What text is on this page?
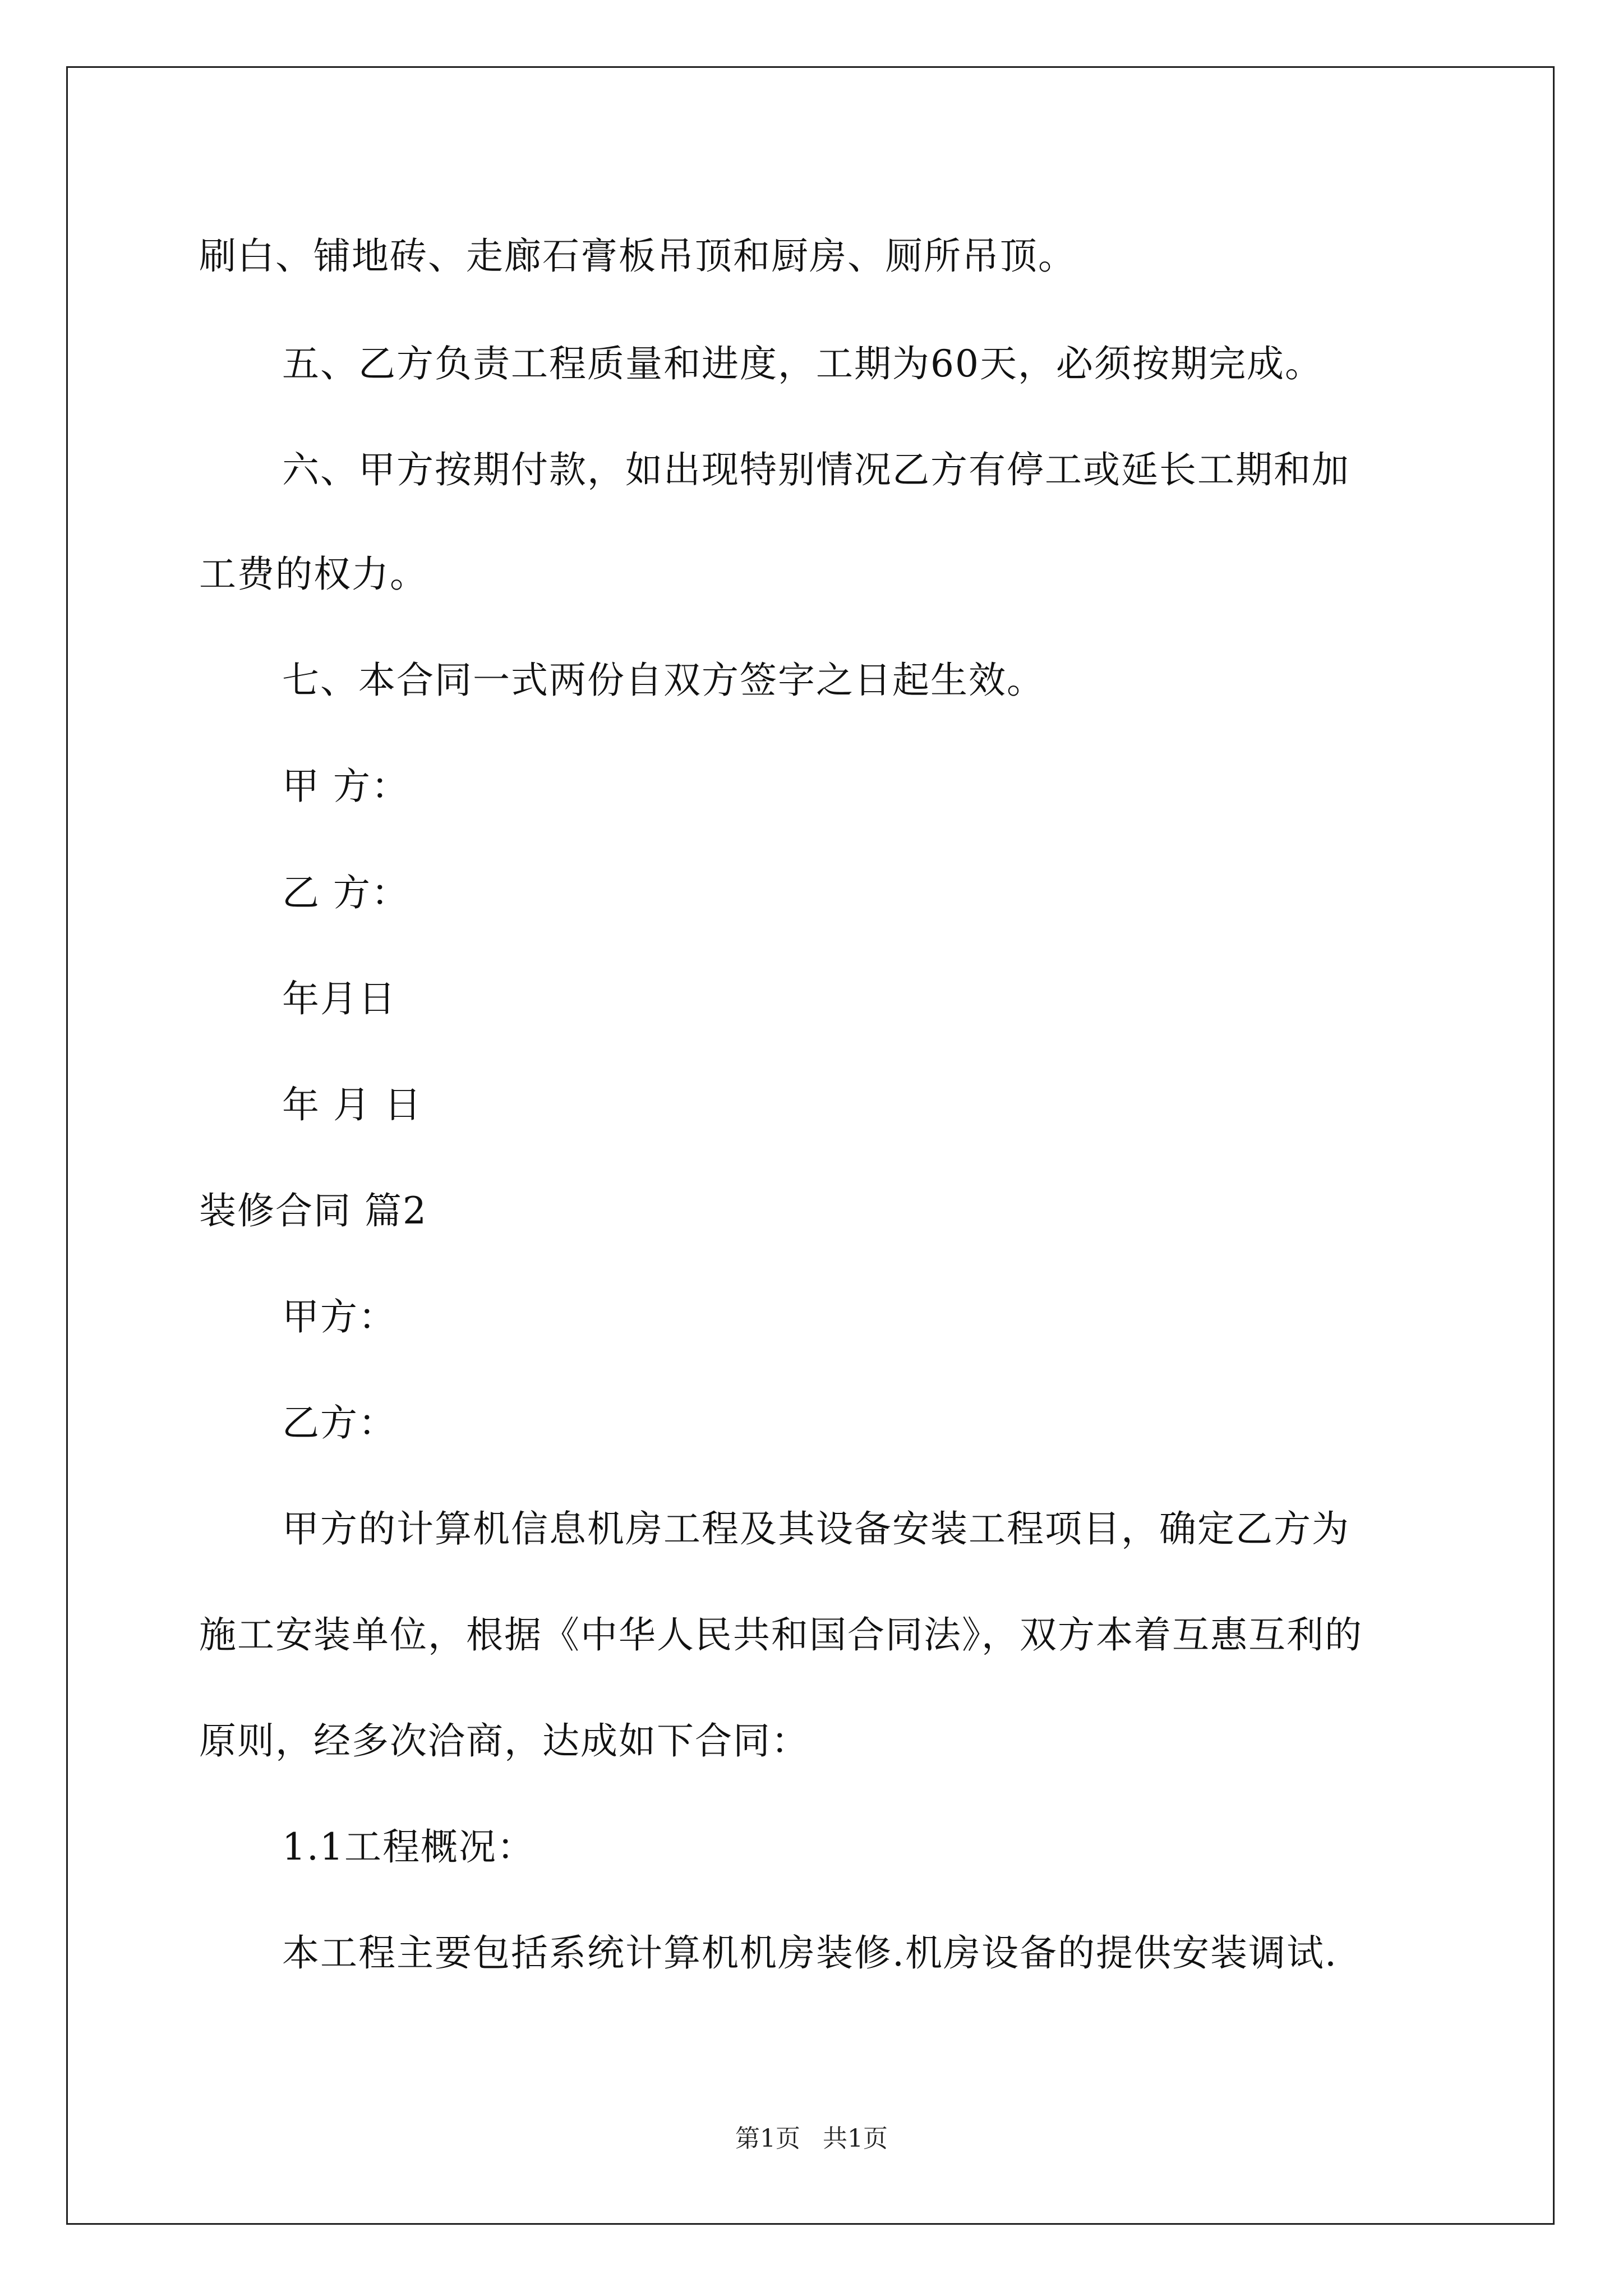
刷白、铺地砖、走廊石膏板吊顶和厨房、厕所吊顶。
五、乙方负责工程质量和进度，工期为60天，必须按期完成。
六、甲方按期付款，如出现特别情况乙方有停工或延长工期和加
工费的权力。
七、本合同一式两份自双方签字之日起生效。
甲 方：
乙 方：
年月日
年 月 日
装修合同 篇2
甲方：
乙方：
甲方的计算机信息机房工程及其设备安装工程项目，确定乙方为
施工安装单位，根据《中华人民共和国合同法》，双方本着互惠互利的
原则，经多次洽商，达成如下合同：
1.1工程概况：
本工程主要包括系统计算机机房装修.机房设备的提供安装调试.
第1页 共1页
